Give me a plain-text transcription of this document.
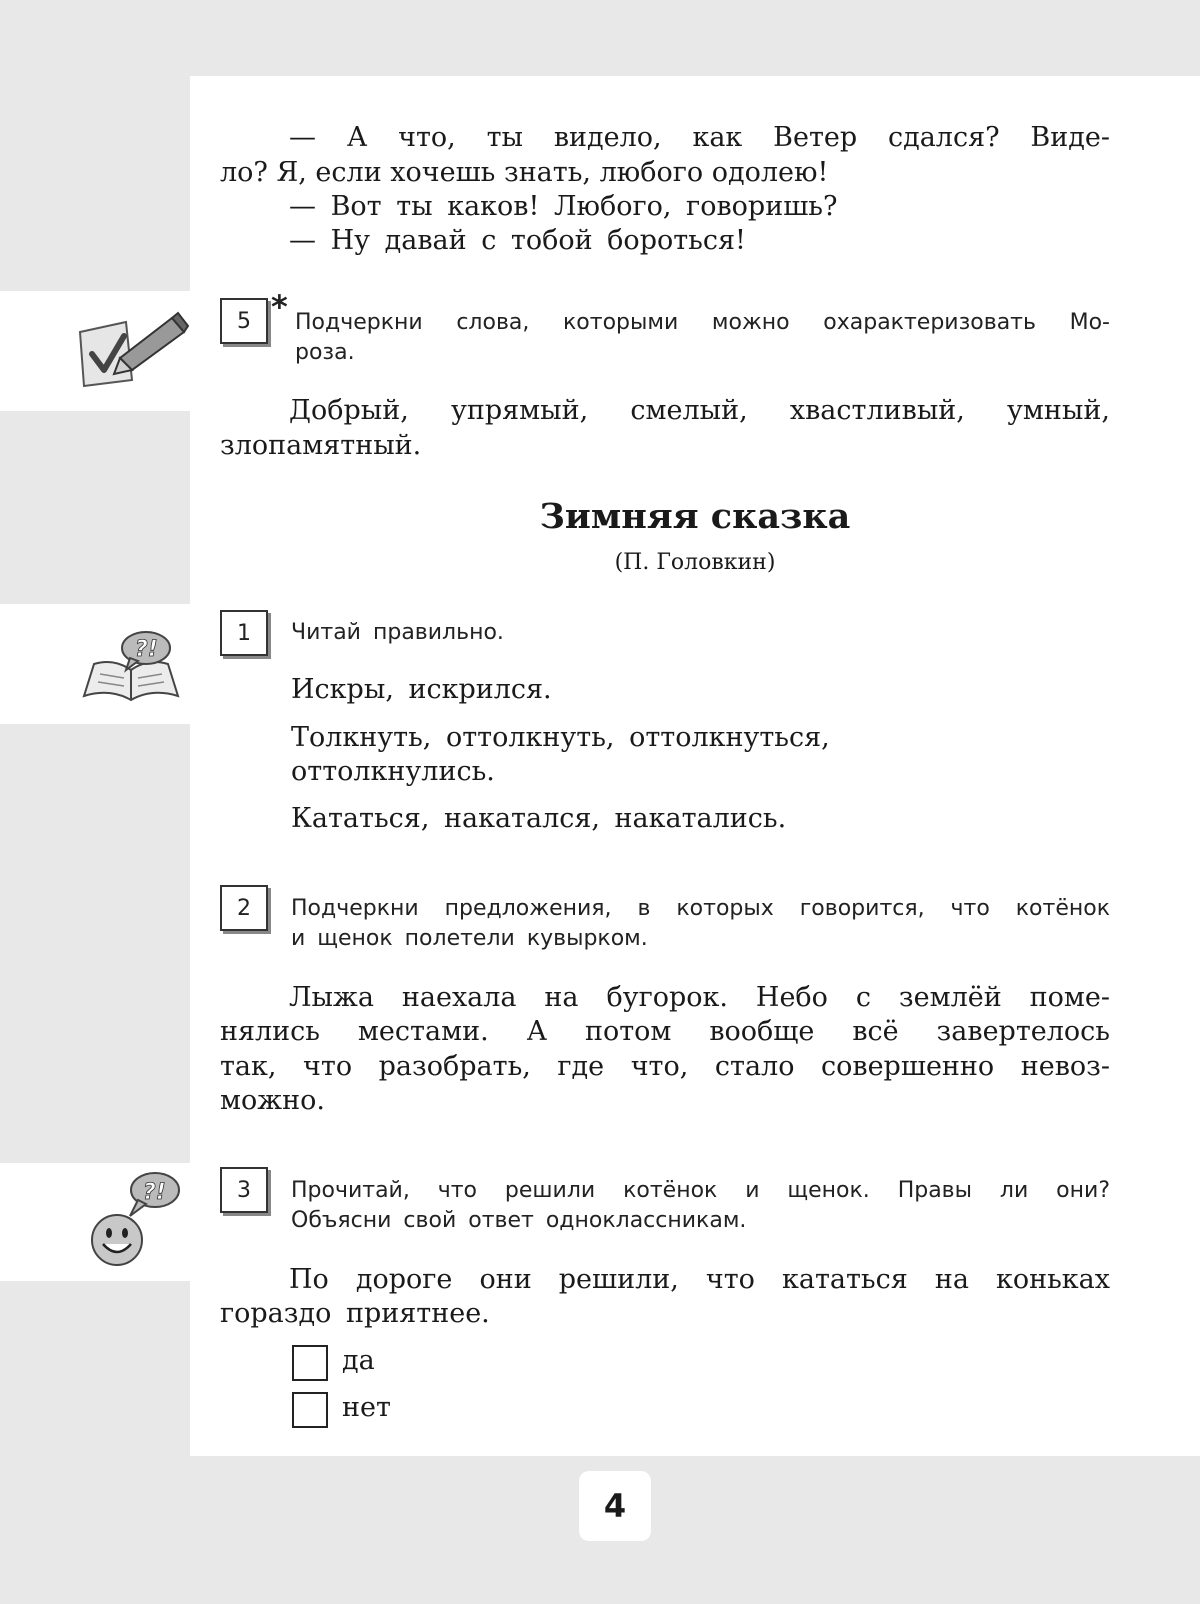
— А что, ты видело, как Ветер сдался? Виде-
ло? Я, если хочешь знать, любого одолею!
— Вот ты каков! Любого, говоришь?
— Ну давай с тобой бороться!
5 * Подчеркни слова, которыми можно охарактеризовать Мо-
роза.
Добрый, упрямый, смелый, хвастливый, умный,
злопамятный.
Зимняя сказка
(П. Головкин)
?!
1	Читай правильно.
Искры, искрился.
Толкнуть, оттолкнуть, оттолкнуться,
оттолкнулись.
Кататься, накатался, накатались.
2	Подчеркни предложения, в которых говорится, что котёнок
и щенок полетели кувырком.
Лыжа наехала на бугорок. Небо с землёй поме-
нялись местами. А потом вообще всё завертелось
так, что разобрать, где что, стало совершенно невоз-
можно.
?!	3	Прочитай, что решили котёнок и щенок. Правы ли они?
Объясни свой ответ одноклассникам.
По дороге они решили, что кататься на коньках
гораздо приятнее.
да
нет
4
